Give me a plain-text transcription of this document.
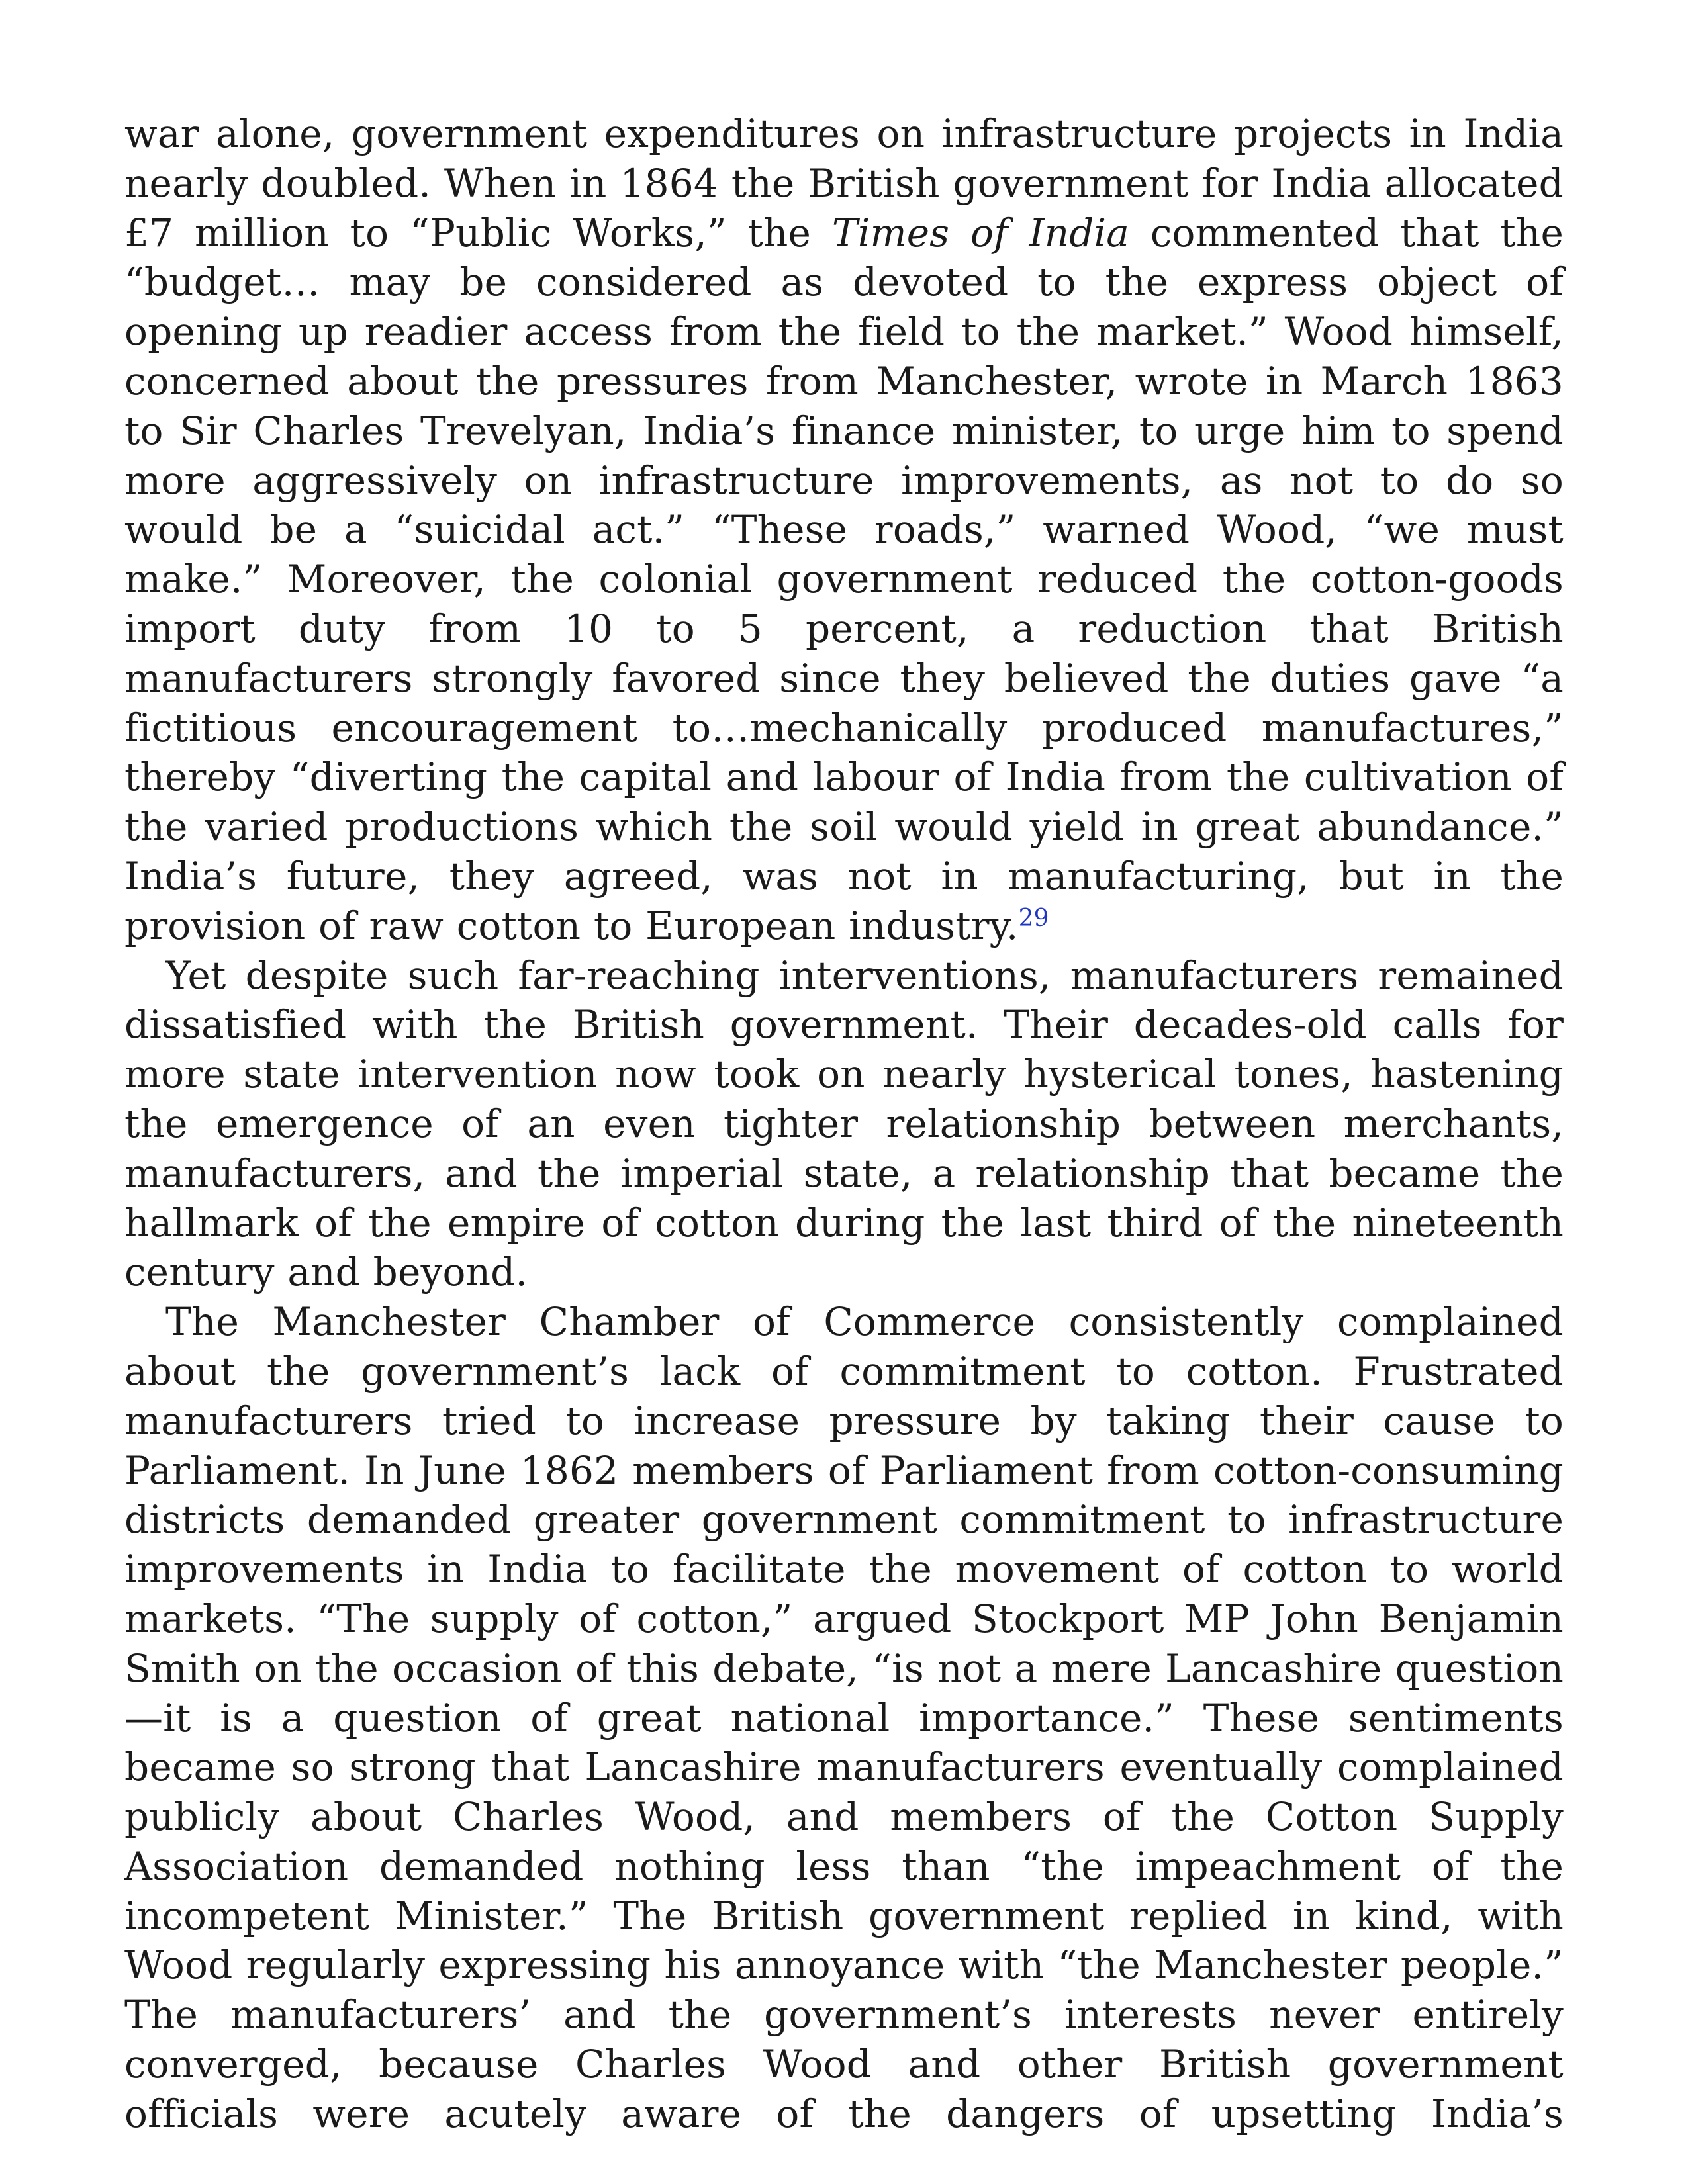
war alone, government expenditures on infrastructure projects in India nearly doubled. When in 1864 the British government for India allocated £7 million to “Public Works,” the Times of India commented that the “budget… may be considered as devoted to the express object of opening up readier access from the field to the market.” Wood himself, concerned about the pressures from Manchester, wrote in March 1863 to Sir Charles Trevelyan, India’s finance minister, to urge him to spend more aggressively on infrastructure improvements, as not to do so would be a “suicidal act.” “These roads,” warned Wood, “we must make.” Moreover, the colonial government reduced the cotton-goods import duty from 10 to 5 percent, a reduction that British manufacturers strongly favored since they believed the duties gave “a fictitious encouragement to…mechanically produced manufactures,” thereby “diverting the capital and labour of India from the cultivation of the varied productions which the soil would yield in great abundance.” India’s future, they agreed, was not in manufacturing, but in the provision of raw cotton to European industry.$^{29}$

Yet despite such far-reaching interventions, manufacturers remained dissatisfied with the British government. Their decades-old calls for more state intervention now took on nearly hysterical tones, hastening the emergence of an even tighter relationship between merchants, manufacturers, and the imperial state, a relationship that became the hallmark of the empire of cotton during the last third of the nineteenth century and beyond.

The Manchester Chamber of Commerce consistently complained about the government’s lack of commitment to cotton. Frustrated manufacturers tried to increase pressure by taking their cause to Parliament. In June 1862 members of Parliament from cotton-consuming districts demanded greater government commitment to infrastructure improvements in India to facilitate the movement of cotton to world markets. “The supply of cotton,” argued Stockport MP John Benjamin Smith on the occasion of this debate, “is not a mere Lancashire question—it is a question of great national importance.” These sentiments became so strong that Lancashire manufacturers eventually complained publicly about Charles Wood, and members of the Cotton Supply Association demanded nothing less than “the impeachment of the incompetent Minister.” The British government replied in kind, with Wood regularly expressing his annoyance with “the Manchester people.” The manufacturers’ and the government’s interests never entirely converged, because Charles Wood and other British government officials were acutely aware of the dangers of upsetting India’s
